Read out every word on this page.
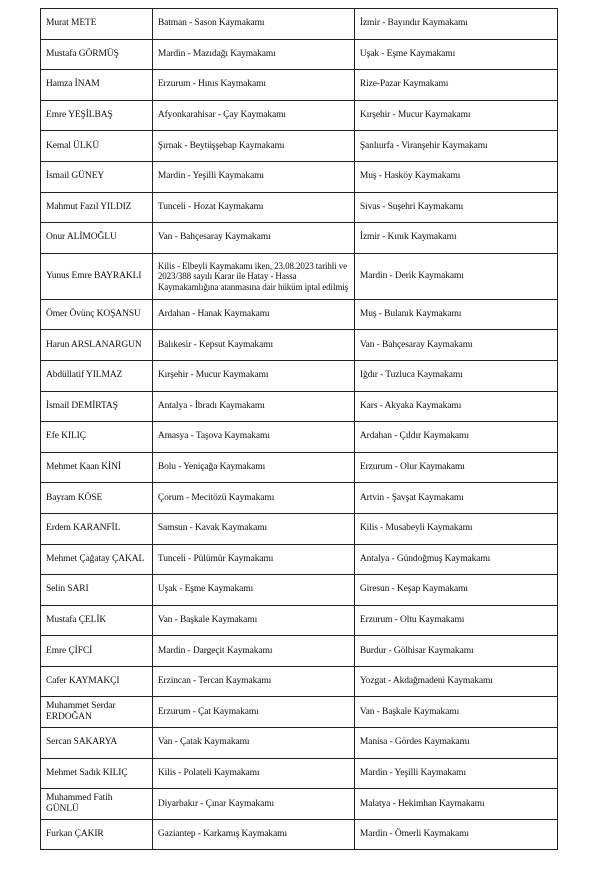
Murat METE	Batman - Sason Kaymakamı	İzmir - Bayındır Kaymakamı
Mustafa GÖRMÜŞ	Mardin - Mazıdağı Kaymakamı	Uşak - Eşme Kaymakamı
Hamza İNAM	Erzurum - Hınıs Kaymakamı	Rize-Pazar Kaymakamı
Emre YEŞİLBAŞ	Afyonkarahisar - Çay Kaymakamı	Kırşehir - Mucur Kaymakamı
Kemal ÜLKÜ	Şırnak - Beytüşşebap Kaymakamı	Şanlıurfa - Viranşehir Kaymakamı
İsmail GÜNEY	Mardin - Yeşilli Kaymakamı	Muş - Hasköy Kaymakamı
Mahmut Fazıl YILDIZ	Tunceli - Hozat Kaymakamı	Sivas - Suşehri Kaymakamı
Onur ALİMOĞLU	Van - Bahçesaray Kaymakamı	İzmir - Kınık Kaymakamı
Yunus Emre BAYRAKLI	Kilis - Elbeyli Kaymakamı iken, 23.08.2023 tarihli ve 2023/388 sayılı Karar ile Hatay - Hassa Kaymakamlığına atanmasına dair hüküm iptal edilmiş	Mardin - Derik Kaymakamı
Ömer Övünç KOŞANSU	Ardahan - Hanak Kaymakamı	Muş - Bulanık Kaymakamı
Harun ARSLANARGUN	Balıkesir - Kepsut Kaymakamı	Van - Bahçesaray Kaymakamı
Abdüllatif YILMAZ	Kırşehir - Mucur Kaymakamı	Iğdır - Tuzluca Kaymakamı
İsmail DEMİRTAŞ	Antalya - İbradı Kaymakamı	Kars - Akyaka Kaymakamı
Efe KILIÇ	Amasya - Taşova Kaymakamı	Ardahan - Çıldır Kaymakamı
Mehmet Kaan KİNİ	Bolu - Yeniçağa Kaymakamı	Erzurum - Olur Kaymakamı
Bayram KÖSE	Çorum - Mecitözü Kaymakamı	Artvin - Şavşat Kaymakamı
Erdem KARANFİL	Samsun - Kavak Kaymakamı	Kilis - Musabeyli Kaymakamı
Mehmet Çağatay ÇAKAL	Tunceli - Pülümür Kaymakamı	Antalya - Gündoğmuş Kaymakamı
Selin SARI	Uşak - Eşme Kaymakamı	Giresun - Keşap Kaymakamı
Mustafa ÇELİK	Van - Başkale Kaymakamı	Erzurum - Oltu Kaymakamı
Emre ÇİFCİ	Mardin - Dargeçit Kaymakamı	Burdur - Gölhisar Kaymakamı
Cafer KAYMAKÇI	Erzincan - Tercan Kaymakamı	Yozgat - Akdağmadeni Kaymakamı
Muhammet Serdar ERDOĞAN	Erzurum - Çat Kaymakamı	Van - Başkale Kaymakamı
Sercan SAKARYA	Van - Çatak Kaymakamı	Manisa - Gördes Kaymakamı
Mehmet Sadık KILIÇ	Kilis - Polateli Kaymakamı	Mardin - Yeşilli Kaymakamı
Muhammed Fatih GÜNLÜ	Diyarbakır - Çınar Kaymakamı	Malatya - Hekimhan Kaymakamı
Furkan ÇAKIR	Gaziantep - Karkamış Kaymakamı	Mardin - Ömerli Kaymakamı
